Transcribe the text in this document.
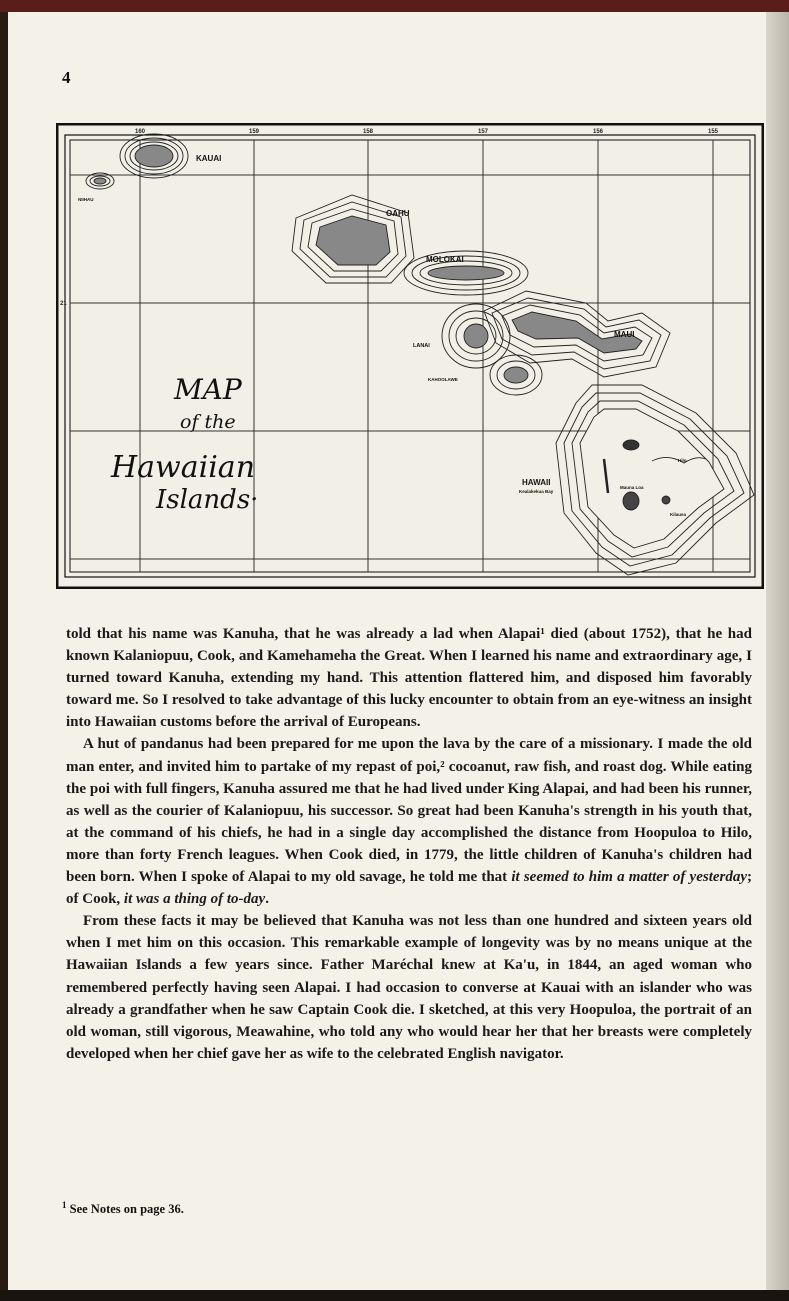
4
160	159	158	157	156	155
21
KAUAI
NIIHAU
OAHU
MOLOKAI
LANAI
KAHOOLAWE
MAUI
HAWAII
Kealakekua Bay
Mauna Loa
Hilo
Kilauea
MAP
of the
Hawaiian
Islands·

told that his name was Kanuha, that he was already a lad when Alapai¹ died (about 1752), that he had known Kalaniopuu, Cook, and Kamehameha the Great. When I learned his name and extraordinary age, I turned toward Kanuha, extending my hand. This attention flattered him, and disposed him favorably toward me. So I resolved to take advantage of this lucky encounter to obtain from an eye-witness an insight into Hawaiian customs before the arrival of Europeans.

A hut of pandanus had been prepared for me upon the lava by the care of a missionary. I made the old man enter, and invited him to partake of my repast of poi,² cocoanut, raw fish, and roast dog. While eating the poi with full fingers, Kanuha assured me that he had lived under King Alapai, and had been his runner, as well as the courier of Kalaniopuu, his successor. So great had been Kanuha's strength in his youth that, at the command of his chiefs, he had in a single day accomplished the distance from Hoopuloa to Hilo, more than forty French leagues. When Cook died, in 1779, the little children of Kanuha's children had been born. When I spoke of Alapai to my old savage, he told me that it seemed to him a matter of yesterday; of Cook, it was a thing of to-day.

From these facts it may be believed that Kanuha was not less than one hundred and sixteen years old when I met him on this occasion. This remarkable example of longevity was by no means unique at the Hawaiian Islands a few years since. Father Maréchal knew at Ka'u, in 1844, an aged woman who remembered perfectly having seen Alapai. I had occasion to converse at Kauai with an islander who was already a grandfather when he saw Captain Cook die. I sketched, at this very Hoopuloa, the portrait of an old woman, still vigorous, Meawahine, who told any who would hear her that her breasts were completely developed when her chief gave her as wife to the celebrated English navigator.

$^1$ See Notes on page 36.
